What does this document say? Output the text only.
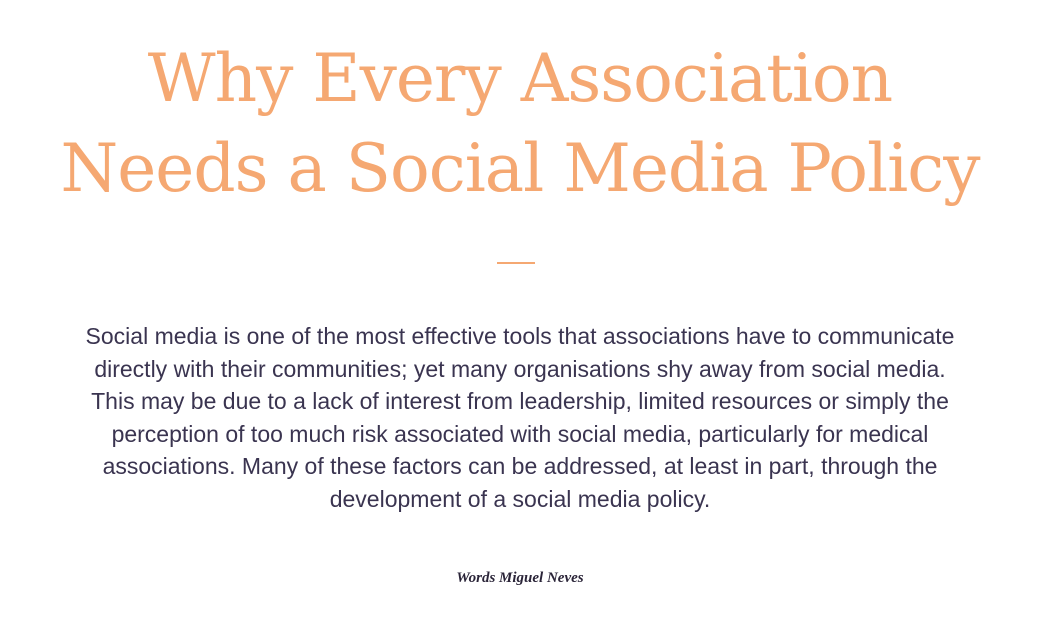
Why Every Association Needs a Social Media Policy

Social media is one of the most effective tools that associations have to communicate directly with their communities; yet many organisations shy away from social media. This may be due to a lack of interest from leadership, limited resources or simply the perception of too much risk associated with social media, particularly for medical associations. Many of these factors can be addressed, at least in part, through the development of a social media policy.

Words Miguel Neves
